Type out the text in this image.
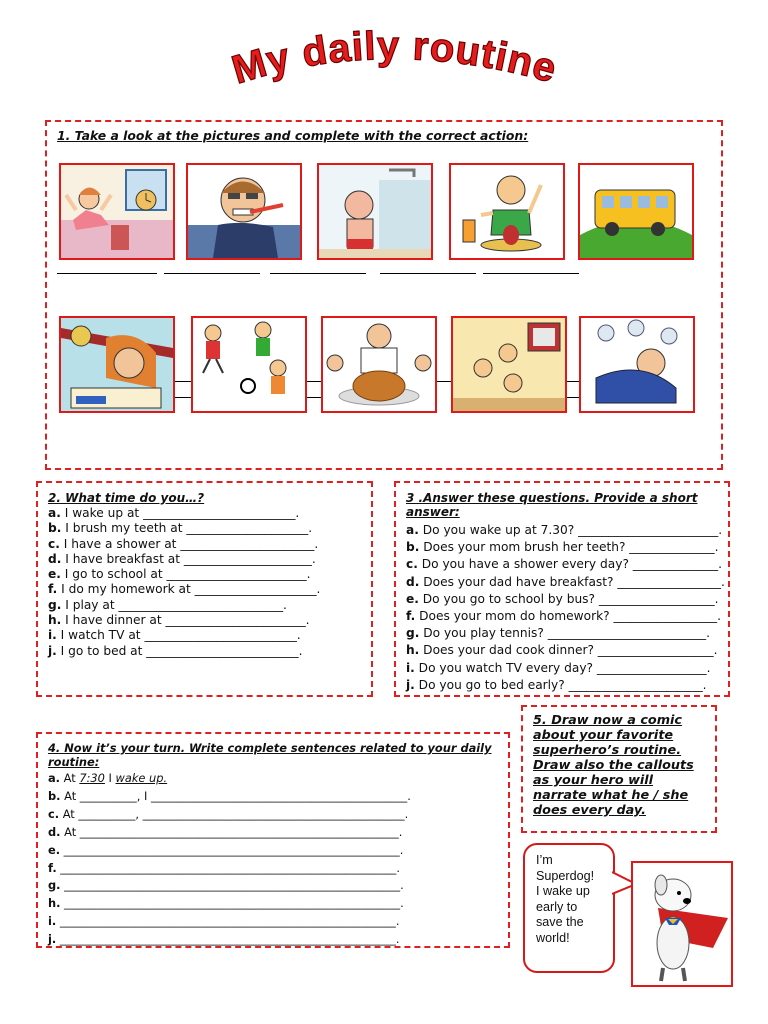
My daily routine
1. Take a look at the pictures and complete with the correct action:
2. What time do you…?
a. I wake up at _________________________.
b. I brush my teeth at ____________________.
c. I have a shower at ______________________.
d. I have breakfast at _____________________.
e. I go to school at _______________________.
f. I do my homework at ____________________.
g. I play at ___________________________.
h. I have dinner at _______________________.
i. I watch TV at _________________________.
j. I go to bed at _________________________.
3 .Answer these questions. Provide a short answer:
a. Do you wake up at 7.30? _______________________.
b. Does your mom brush her teeth? ______________.
c. Do you have a shower every day? ______________.
d. Does your dad have breakfast? _________________.
e. Do you go to school by bus? ___________________.
f. Does your mom do homework? _________________.
g. Do you play tennis? __________________________.
h. Does your dad cook dinner? ___________________.
i. Do you watch TV every day? __________________.
j. Do you go to bed early? ______________________.
4. Now it’s your turn. Write complete sentences related to your daily routine:
a. At 7:30 I wake up.
b. At __________, I _____________________________________________.
c. At __________, ______________________________________________.
d. At ________________________________________________________.
e. ___________________________________________________________.
f. ___________________________________________________________.
g. ___________________________________________________________.
h. ___________________________________________________________.
i. ___________________________________________________________.
j. ___________________________________________________________.
5. Draw now a comic
about your favorite
superhero’s routine.
Draw also the callouts
as your hero will
narrate what he / she
does every day.
I’m
Superdog!
I wake up
early to
save the
world!
